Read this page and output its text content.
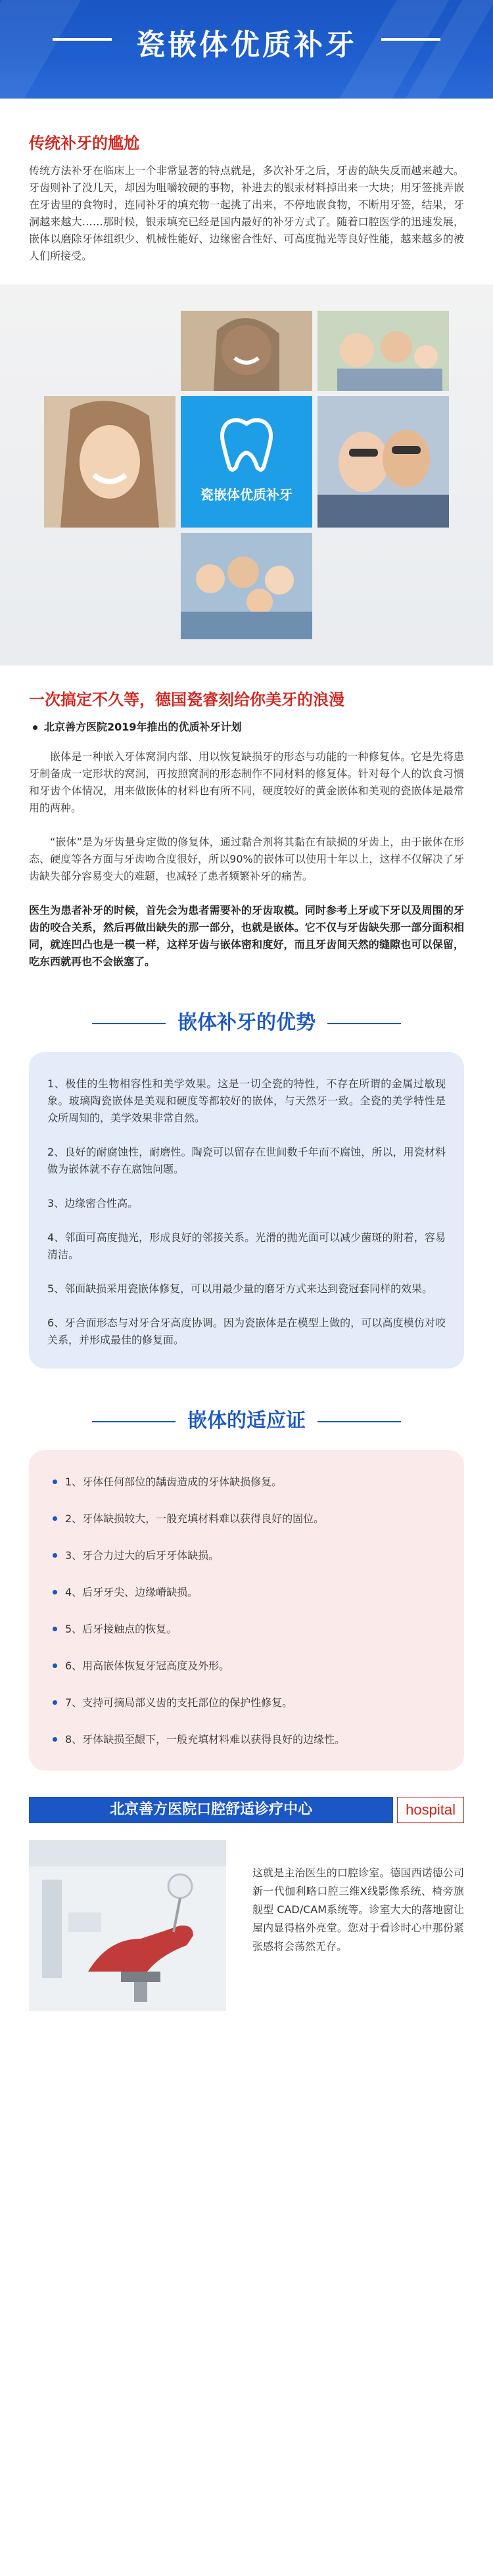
瓷嵌体优质补牙
传统补牙的尴尬

传统方法补牙在临床上一个非常显著的特点就是，多次补牙之后，牙齿的缺失反而越来越大。牙齿则补了没几天，却因为咀嚼较硬的事物，补进去的银汞材料掉出来一大块；用牙签挑弄嵌在牙齿里的食物时，连同补牙的填充物一起挑了出来，不停地嵌食物，不断用牙签，结果，牙洞越来越大……那时候，银汞填充已经是国内最好的补牙方式了。随着口腔医学的迅速发展，嵌体以磨除牙体组织少、机械性能好、边缘密合性好、可高度抛光等良好性能，越来越多的被人们所接受。

瓷嵌体优质补牙
一次搞定不久等，德国瓷睿刻给你美牙的浪漫
北京善方医院2019年推出的优质补牙计划

嵌体是一种嵌入牙体窝洞内部、用以恢复缺损牙的形态与功能的一种修复体。它是先将患牙制备成一定形状的窝洞，再按照窝洞的形态制作不同材料的修复体。针对每个人的饮食习惯和牙齿个体情况，用来做嵌体的材料也有所不同，硬度较好的黄金嵌体和美观的瓷嵌体是最常用的两种。

“嵌体”是为牙齿量身定做的修复体，通过黏合剂将其黏在有缺损的牙齿上，由于嵌体在形态、硬度等各方面与牙齿吻合度很好，所以90%的嵌体可以使用十年以上，这样不仅解决了牙齿缺失部分容易变大的难题，也减轻了患者频繁补牙的痛苦。

医生为患者补牙的时候，首先会为患者需要补的牙齿取模。同时参考上牙或下牙以及周围的牙齿的咬合关系，然后再做出缺失的那一部分，也就是嵌体。它不仅与牙齿缺失那一部分面积相同，就连凹凸也是一模一样，这样牙齿与嵌体密和度好，而且牙齿间天然的缝隙也可以保留，吃东西就再也不会嵌塞了。

嵌体补牙的优势
1、极佳的生物相容性和美学效果。这是一切全瓷的特性，不存在所谓的金属过敏现象。玻璃陶瓷嵌体是美观和硬度等都较好的嵌体，与天然牙一致。全瓷的美学特性是众所周知的，美学效果非常自然。
2、良好的耐腐蚀性，耐磨性。陶瓷可以留存在世间数千年而不腐蚀，所以，用瓷材料做为嵌体就不存在腐蚀问题。
3、边缘密合性高。
4、邻面可高度抛光，形成良好的邻接关系。光滑的抛光面可以减少菌斑的附着，容易清洁。
5、邻面缺损采用瓷嵌体修复，可以用最少量的磨牙方式来达到瓷冠套同样的效果。
6、牙合面形态与对牙合牙高度协调。因为瓷嵌体是在模型上做的，可以高度模仿对咬关系，并形成最佳的修复面。
嵌体的适应证
1、牙体任何部位的龋齿造成的牙体缺损修复。
2、牙体缺损较大，一般充填材料难以获得良好的固位。
3、牙合力过大的后牙牙体缺损。
4、后牙牙尖、边缘嵴缺损。
5、后牙接触点的恢复。
6、用高嵌体恢复牙冠高度及外形。
7、支持可摘局部义齿的支托部位的保护性修复。
8、牙体缺损至龈下，一般充填材料难以获得良好的边缘性。
北京善方医院口腔舒适诊疗中心	hospital
这就是主治医生的口腔诊室。德国西诺德公司新一代伽利略口腔三维X线影像系统、椅旁旗舰型 CAD/CAM系统等。诊室大大的落地窗让屋内显得格外亮堂。您对于看诊时心中那份紧张感将会荡然无存。
